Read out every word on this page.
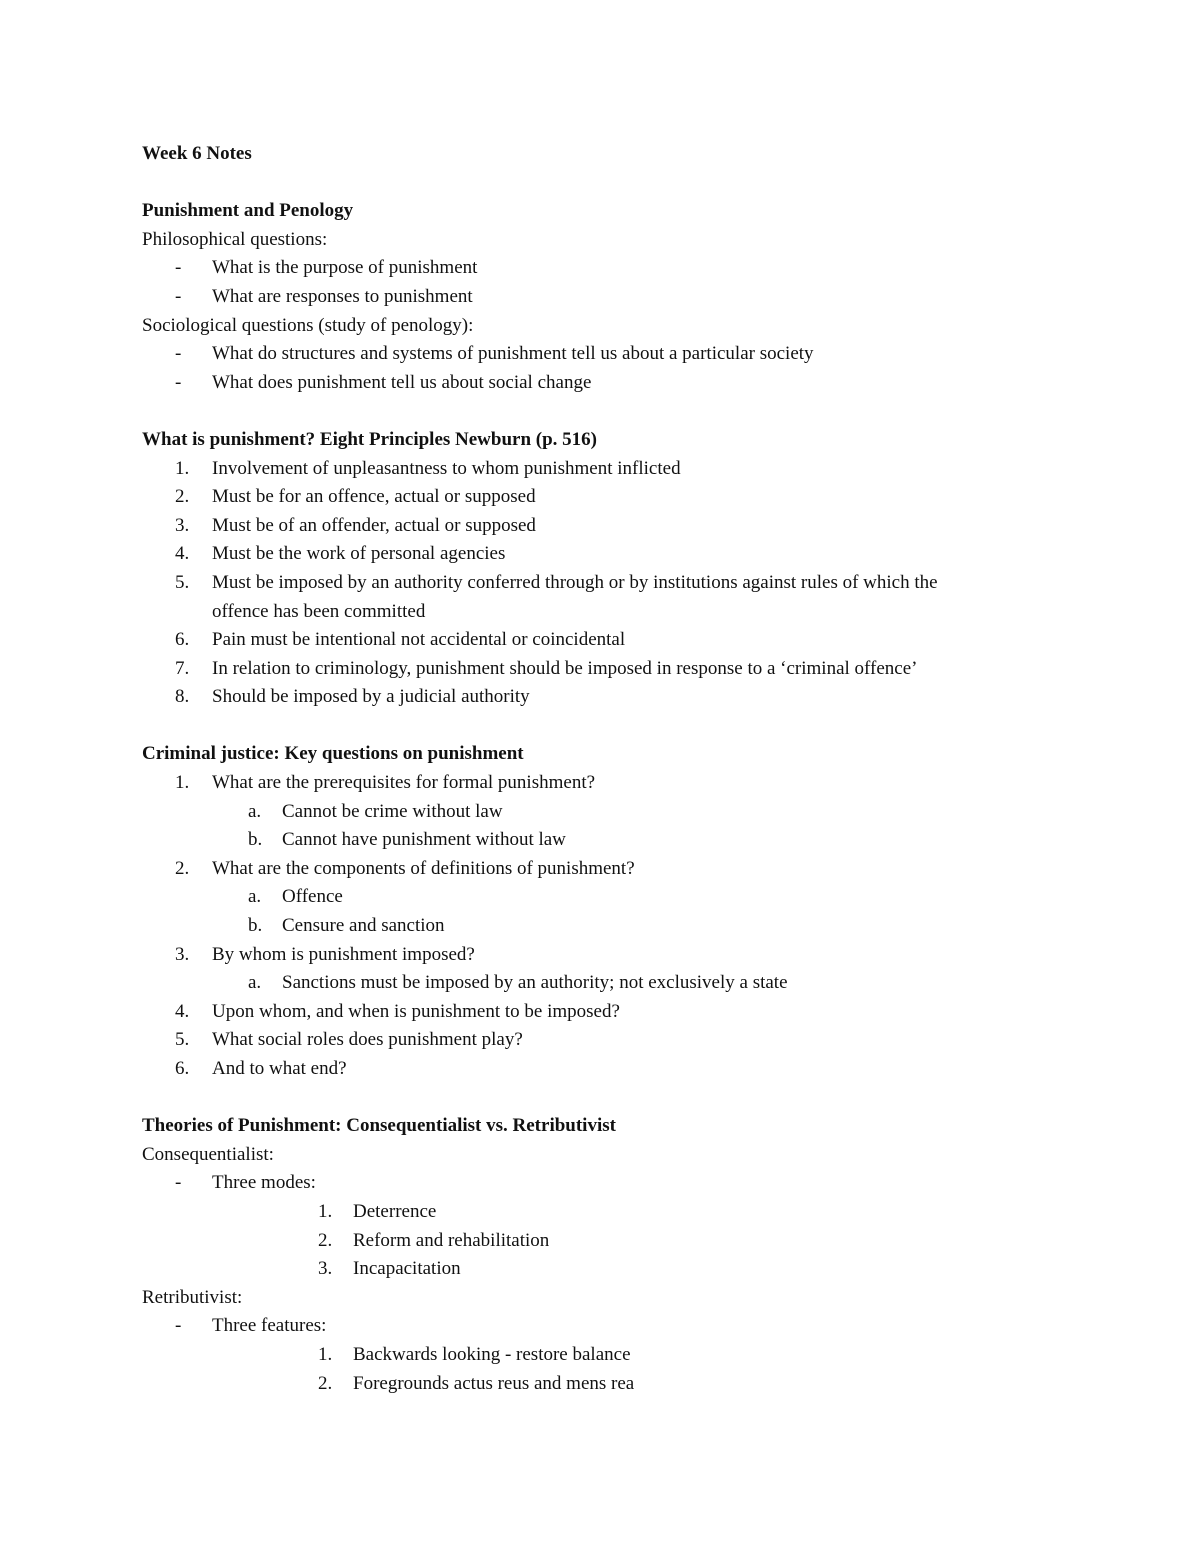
Week 6 Notes
Punishment and Penology
Philosophical questions:
-	What is the purpose of punishment
-	What are responses to punishment
Sociological questions (study of penology):
-	What do structures and systems of punishment tell us about a particular society
-	What does punishment tell us about social change
What is punishment? Eight Principles Newburn (p. 516)
1.	Involvement of unpleasantness to whom punishment inflicted
2.	Must be for an offence, actual or supposed
3.	Must be of an offender, actual or supposed
4.	Must be the work of personal agencies
5.	Must be imposed by an authority conferred through or by institutions against rules of which the
offence has been committed
6.	Pain must be intentional not accidental or coincidental
7.	In relation to criminology, punishment should be imposed in response to a ‘criminal offence’
8.	Should be imposed by a judicial authority
Criminal justice: Key questions on punishment
1.	What are the prerequisites for formal punishment?
a.	Cannot be crime without law
b.	Cannot have punishment without law
2.	What are the components of definitions of punishment?
a.	Offence
b.	Censure and sanction
3.	By whom is punishment imposed?
a.	Sanctions must be imposed by an authority; not exclusively a state
4.	Upon whom, and when is punishment to be imposed?
5.	What social roles does punishment play?
6.	And to what end?
Theories of Punishment: Consequentialist vs. Retributivist
Consequentialist:
-	Three modes:
1.	Deterrence
2.	Reform and rehabilitation
3.	Incapacitation
Retributivist:
-	Three features:
1.	Backwards looking - restore balance
2.	Foregrounds actus reus and mens rea
